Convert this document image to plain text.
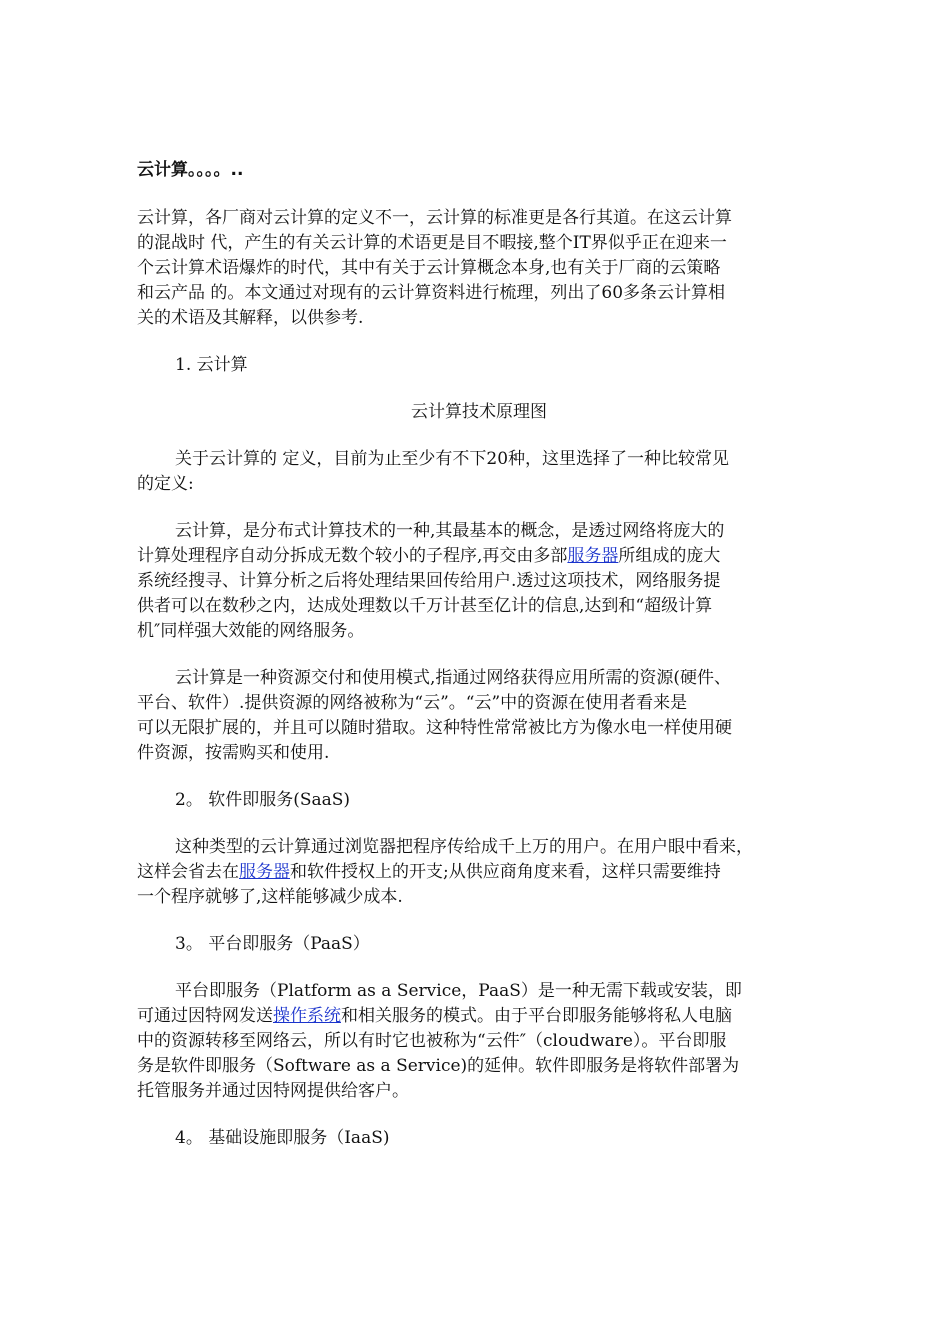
云计算。。。。..
云计算，各厂商对云计算的定义不一，云计算的标准更是各行其道。在这云计算
的混战时 代，产生的有关云计算的术语更是目不暇接,整个IT界似乎正在迎来一
个云计算术语爆炸的时代，其中有关于云计算概念本身,也有关于厂商的云策略
和云产品 的。本文通过对现有的云计算资料进行梳理，列出了60多条云计算相
关的术语及其解释，以供参考.
1. 云计算
云计算技术原理图
关于云计算的 定义，目前为止至少有不下20种，这里选择了一种比较常见
的定义:
云计算，是分布式计算技术的一种,其最基本的概念，是透过网络将庞大的
计算处理程序自动分拆成无数个较小的子程序,再交由多部服务器所组成的庞大
系统经搜寻、计算分析之后将处理结果回传给用户.透过这项技术，网络服务提
供者可以在数秒之内，达成处理数以千万计甚至亿计的信息,达到和“超级计算
机″同样强大效能的网络服务。
云计算是一种资源交付和使用模式,指通过网络获得应用所需的资源(硬件、
平台、软件）.提供资源的网络被称为“云”。“云”中的资源在使用者看来是
可以无限扩展的，并且可以随时猎取。这种特性常常被比方为像水电一样使用硬
件资源，按需购买和使用.
2。 软件即服务(SaaS)
这种类型的云计算通过浏览器把程序传给成千上万的用户。在用户眼中看来，
这样会省去在服务器和软件授权上的开支;从供应商角度来看，这样只需要维持
一个程序就够了,这样能够减少成本.
3。 平台即服务（PaaS）
平台即服务（Platform as a Service，PaaS）是一种无需下载或安装，即
可通过因特网发送操作系统和相关服务的模式。由于平台即服务能够将私人电脑
中的资源转移至网络云，所以有时它也被称为“云件″（cloudware）。平台即服
务是软件即服务（Software as a Service)的延伸。软件即服务是将软件部署为
托管服务并通过因特网提供给客户。
4。 基础设施即服务（IaaS)
